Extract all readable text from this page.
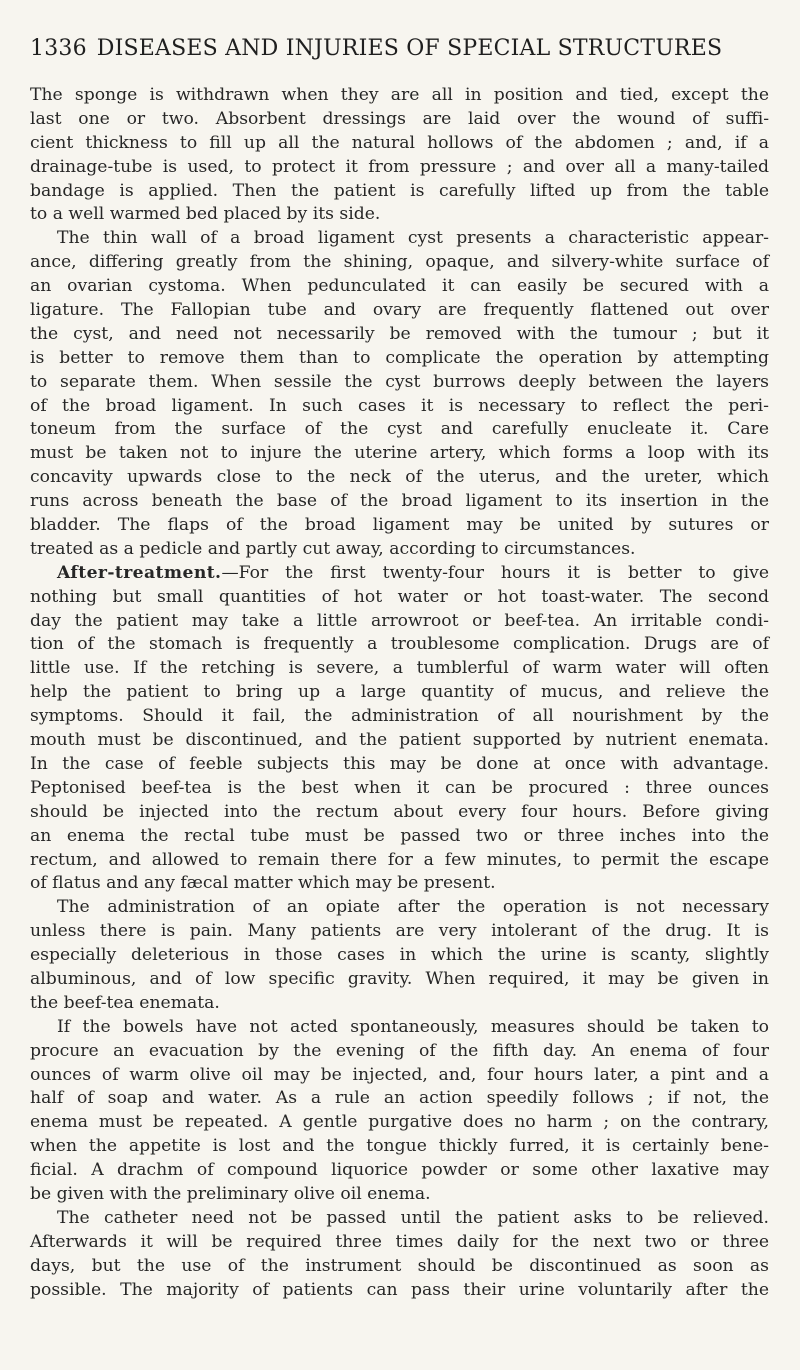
1336 DISEASES AND INJURIES OF SPECIAL STRUCTURES
The sponge is withdrawn when they are all in position and tied, except the
last one or two. Absorbent dressings are laid over the wound of suffi-
cient thickness to fill up all the natural hollows of the abdomen ; and, if a
drainage-tube is used, to protect it from pressure ; and over all a many-tailed
bandage is applied. Then the patient is carefully lifted up from the table
to a well warmed bed placed by its side.
The thin wall of a broad ligament cyst presents a characteristic appear-
ance, differing greatly from the shining, opaque, and silvery-white surface of
an ovarian cystoma. When pedunculated it can easily be secured with a
ligature. The Fallopian tube and ovary are frequently flattened out over
the cyst, and need not necessarily be removed with the tumour ; but it
is better to remove them than to complicate the operation by attempting
to separate them. When sessile the cyst burrows deeply between the layers
of the broad ligament. In such cases it is necessary to reflect the peri-
toneum from the surface of the cyst and carefully enucleate it. Care
must be taken not to injure the uterine artery, which forms a loop with its
concavity upwards close to the neck of the uterus, and the ureter, which
runs across beneath the base of the broad ligament to its insertion in the
bladder. The flaps of the broad ligament may be united by sutures or
treated as a pedicle and partly cut away, according to circumstances.
After-treatment.—For the first twenty-four hours it is better to give
nothing but small quantities of hot water or hot toast-water. The second
day the patient may take a little arrowroot or beef-tea. An irritable condi-
tion of the stomach is frequently a troublesome complication. Drugs are of
little use. If the retching is severe, a tumblerful of warm water will often
help the patient to bring up a large quantity of mucus, and relieve the
symptoms. Should it fail, the administration of all nourishment by the
mouth must be discontinued, and the patient supported by nutrient enemata.
In the case of feeble subjects this may be done at once with advantage.
Peptonised beef-tea is the best when it can be procured : three ounces
should be injected into the rectum about every four hours. Before giving
an enema the rectal tube must be passed two or three inches into the
rectum, and allowed to remain there for a few minutes, to permit the escape
of flatus and any fæcal matter which may be present.
The administration of an opiate after the operation is not necessary
unless there is pain. Many patients are very intolerant of the drug. It is
especially deleterious in those cases in which the urine is scanty, slightly
albuminous, and of low specific gravity. When required, it may be given in
the beef-tea enemata.
If the bowels have not acted spontaneously, measures should be taken to
procure an evacuation by the evening of the fifth day. An enema of four
ounces of warm olive oil may be injected, and, four hours later, a pint and a
half of soap and water. As a rule an action speedily follows ; if not, the
enema must be repeated. A gentle purgative does no harm ; on the contrary,
when the appetite is lost and the tongue thickly furred, it is certainly bene-
ficial. A drachm of compound liquorice powder or some other laxative may
be given with the preliminary olive oil enema.
The catheter need not be passed until the patient asks to be relieved.
Afterwards it will be required three times daily for the next two or three
days, but the use of the instrument should be discontinued as soon as
possible. The majority of patients can pass their urine voluntarily after the
